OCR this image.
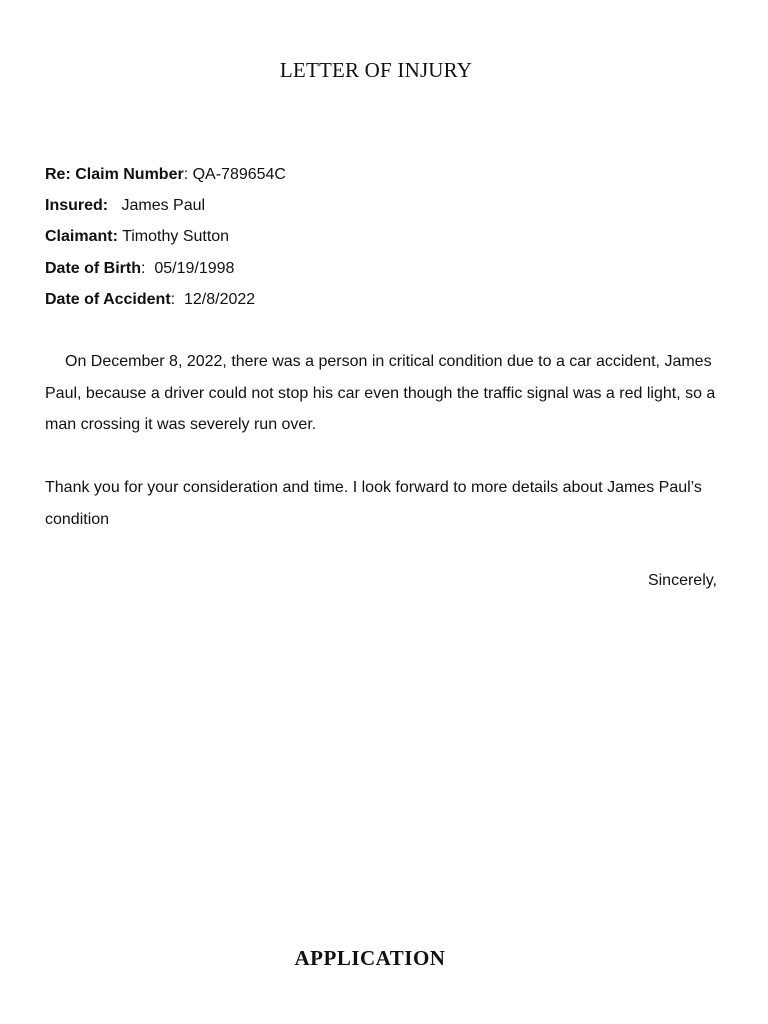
LETTER OF INJURY
Re: Claim Number: QA-789654C
Insured: James Paul
Claimant: Timothy Sutton
Date of Birth:  05/19/1998
Date of Accident:  12/8/2022
On December 8, 2022, there was a person in critical condition due to a car accident, James Paul, because a driver could not stop his car even though the traffic signal was a red light, so a man crossing it was severely run over.
Thank you for your consideration and time. I look forward to more details about James Paul’s condition
Sincerely,
APPLICATION
